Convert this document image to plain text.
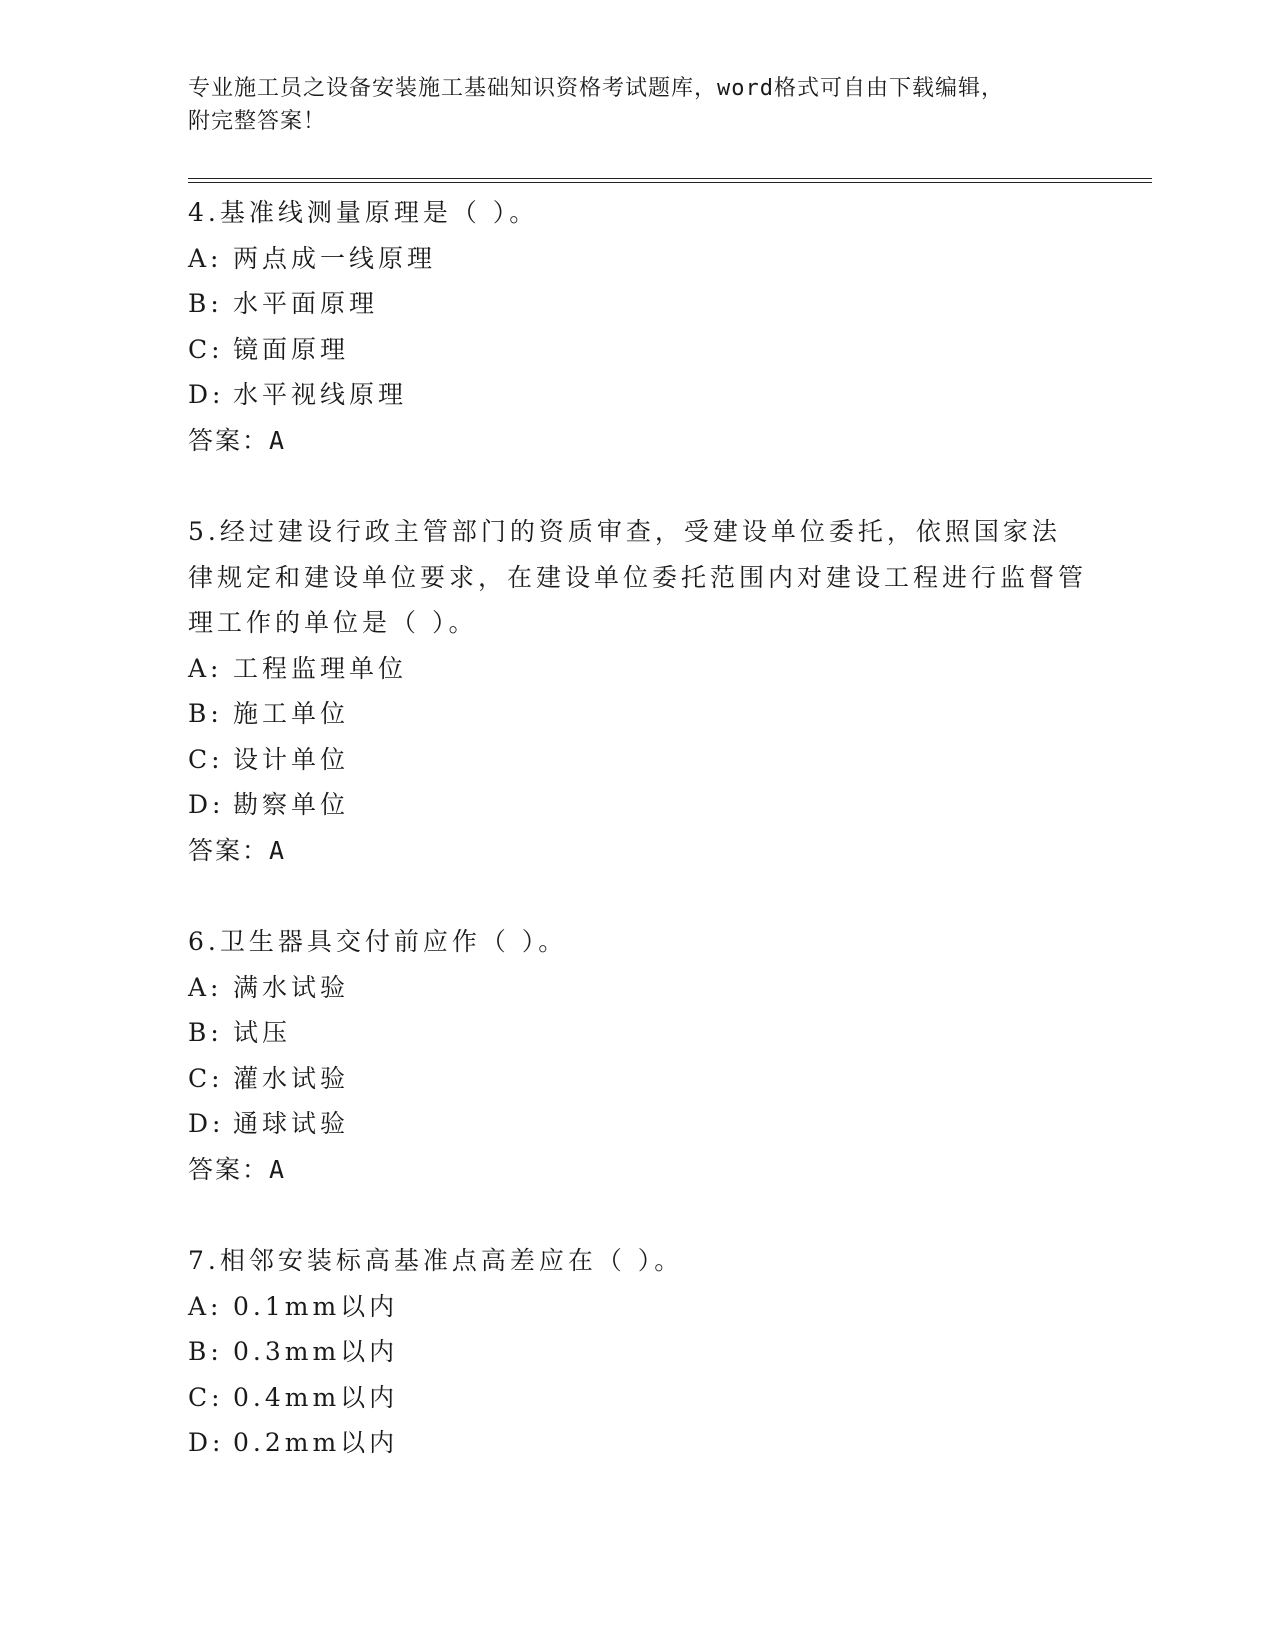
专业施工员之设备安装施工基础知识资格考试题库，word格式可自由下载编辑，
附完整答案！

4.基准线测量原理是（ ）。

A: 两点成一线原理
B: 水平面原理
C: 镜面原理
D: 水平视线原理
答案：A

5.经过建设行政主管部门的资质审查，受建设单位委托，依照国家法律规定和建设单位要求，在建设单位委托范围内对建设工程进行监督管理工作的单位是（ ）。

A: 工程监理单位
B: 施工单位
C: 设计单位
D: 勘察单位
答案：A

6.卫生器具交付前应作（ ）。

A: 满水试验
B: 试压
C: 灌水试验
D: 通球试验
答案：A

7.相邻安装标高基准点高差应在（ ）。

A: 0.1mm以内
B: 0.3mm以内
C: 0.4mm以内
D: 0.2mm以内
